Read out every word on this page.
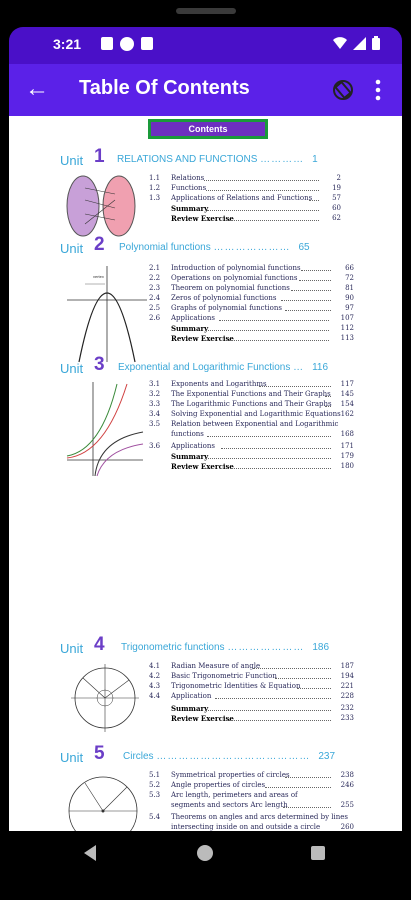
3:21
← Table Of Contents
Contents
Unit 1 RELATIONS AND FUNCTIONS ………… 1
1.1 Relations	2
1.2 Functions	19
1.3 Applications of Relations and Functions	57
Summary	60
Review Exercise	62
Unit 2 Polynomial functions ………………… 65
vertex
2.1 Introduction of polynomial functions	66
2.2 Operations on polynomial functions	72
2.3 Theorem on polynomial functions	81
2.4 Zeros of polynomial functions	90
2.5 Graphs of polynomial functions	97
2.6 Applications	107
Summary	112
Review Exercise	113
Unit 3 Exponential and Logarithmic Functions … 116
3.1 Exponents and Logarithms	117
3.2 The Exponential Functions and Their Graphs	145
3.3 The Logarithmic Functions and Their Graphs	154
3.4 Solving Exponential and Logarithmic Equations 162
3.5 Relation between Exponential and Logarithmic
functions	168
3.6 Applications	171
Summary	179
Review Exercise	180
Unit 4 Trigonometric functions ………………… 186
4.1 Radian Measure of angle	187
4.2 Basic Trigonometric Function	194
4.3 Trigonometric Identities & Equation	221
4.4 Application	228
Summary	232
Review Exercise	233
Unit 5 Circles …………………………………… 237
5.1 Symmetrical properties of circles	238
5.2 Angle properties of circles	246
5.3 Arc length, perimeters and areas of
segments and sectors Arc length	255
5.4 Theorems on angles and arcs determined by lines
intersecting inside on and outside a circle	260
